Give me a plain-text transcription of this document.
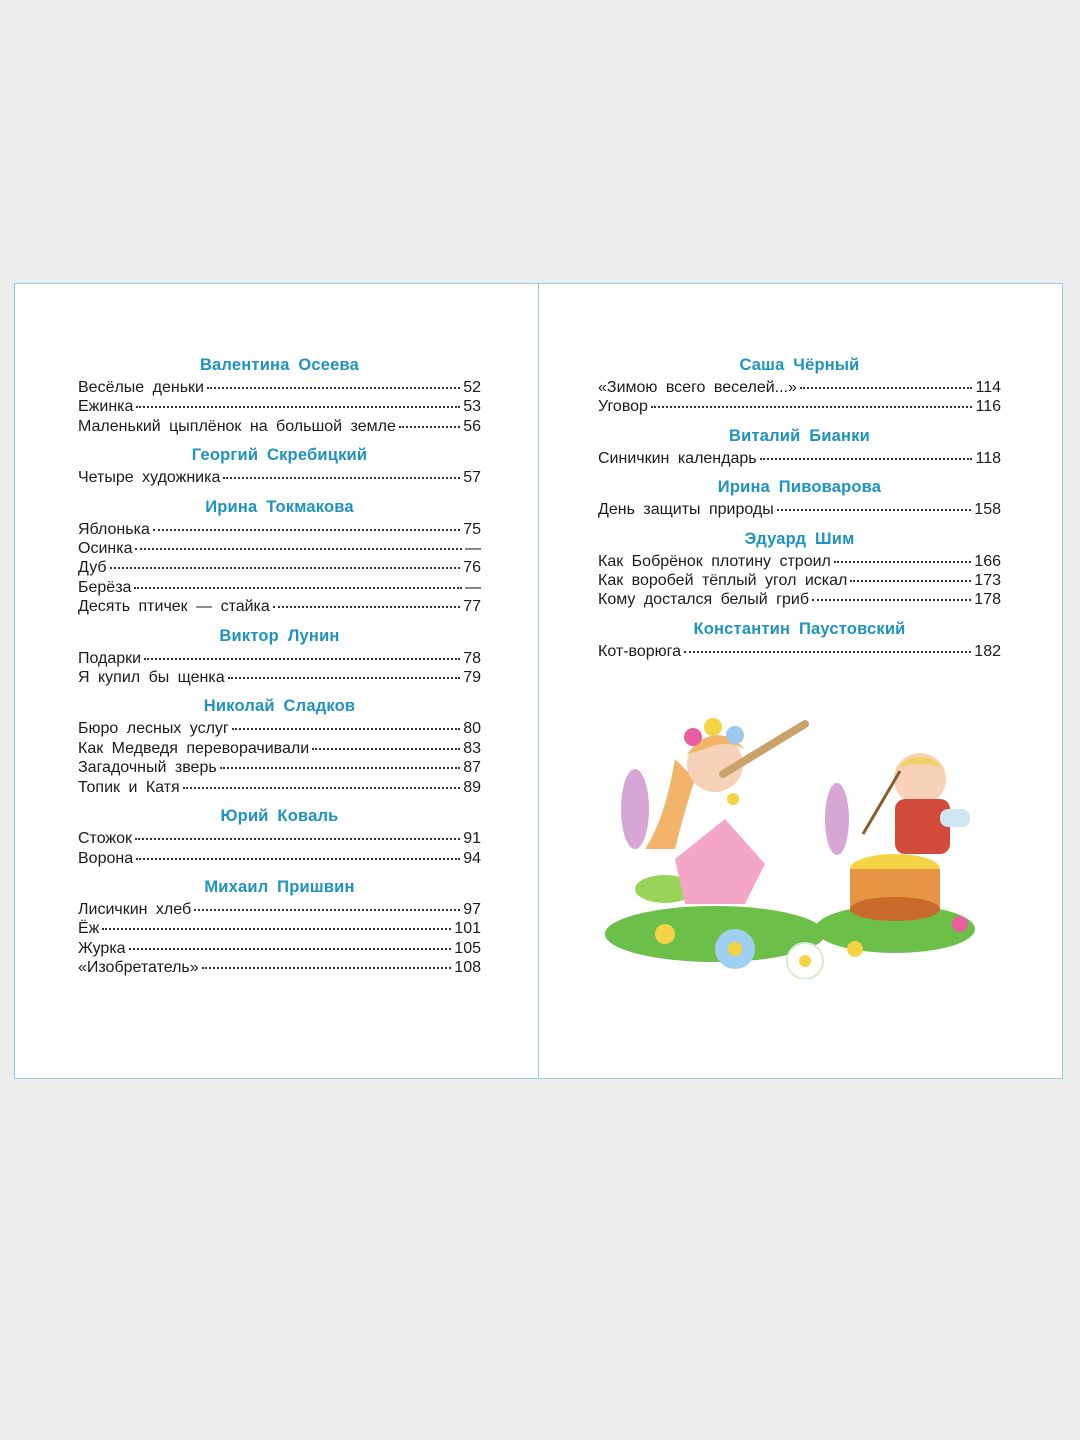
Валентина Осеева
Весёлые деньки	52
Ежинка	53
Маленький цыплёнок на большой земле	56
Георгий Скребицкий
Четыре художника	57
Ирина Токмакова
Яблонька	75
Осинка	—
Дуб	76
Берёза	—
Десять птичек — стайка	77
Виктор Лунин
Подарки	78
Я купил бы щенка	79
Николай Сладков
Бюро лесных услуг	80
Как Медведя переворачивали	83
Загадочный зверь	87
Топик и Катя	89
Юрий Коваль
Стожок	91
Ворона	94
Михаил Пришвин
Лисичкин хлеб	97
Ёж	101
Журка	105
«Изобретатель»	108
Саша Чёрный
«Зимою всего веселей...»	114
Уговор	116
Виталий Бианки
Синичкин календарь	118
Ирина Пивоварова
День защиты природы	158
Эдуард Шим
Как Бобрёнок плотину строил	166
Как воробей тёплый угол искал	173
Кому достался белый гриб	178
Константин Паустовский
Кот-ворюга	182
